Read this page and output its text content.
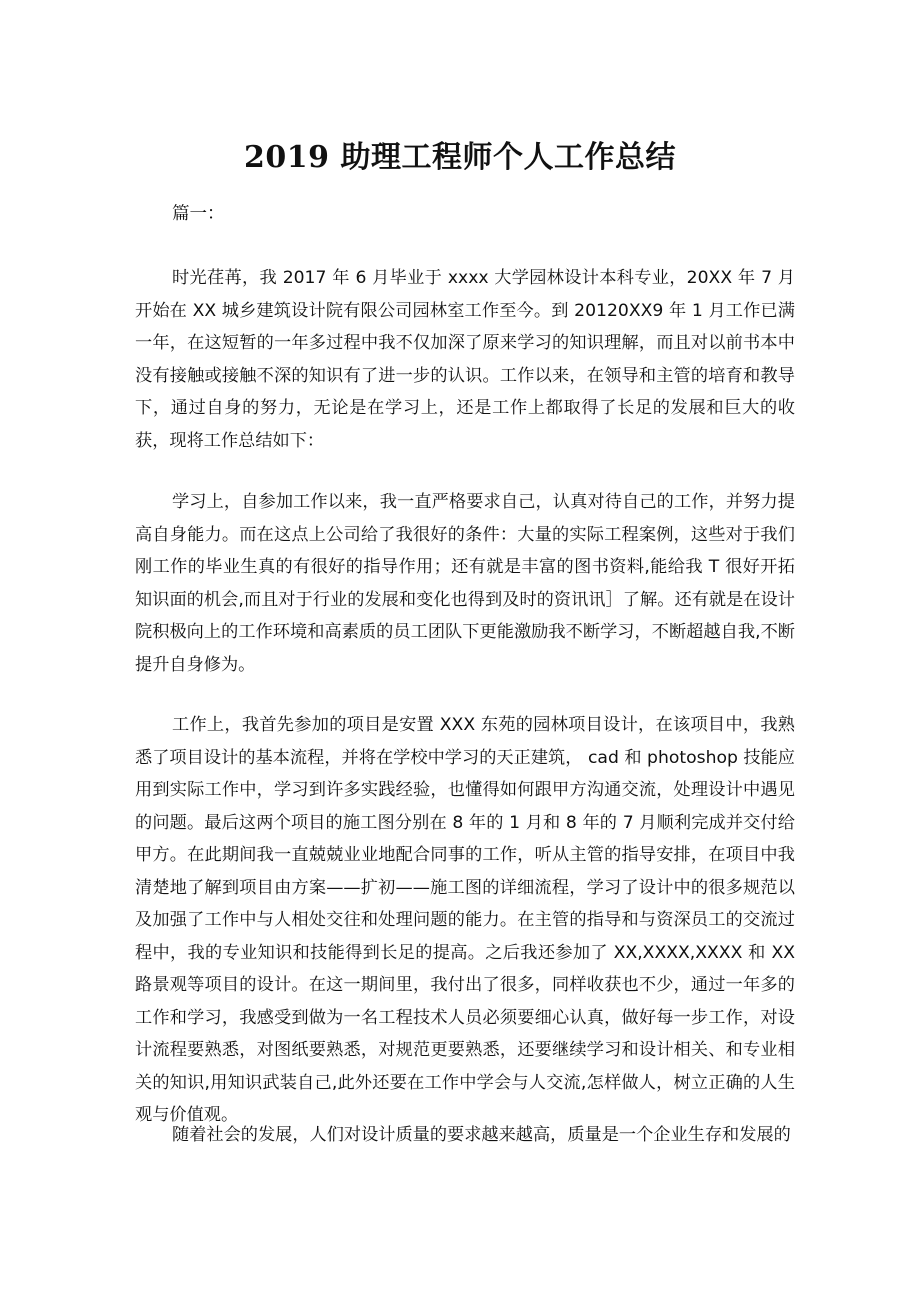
2019 助理工程师个人工作总结

篇一：

时光荏苒，我 2017 年 6 月毕业于 xxxx 大学园林设计本科专业，20XX 年 7 月开始在 XX 城乡建筑设计院有限公司园林室工作至今。到 20120XX9 年 1 月工作已满一年，在这短暂的一年多过程中我不仅加深了原来学习的知识理解，而且对以前书本中没有接触或接触不深的知识有了进一步的认识。工作以来，在领导和主管的培育和教导下，通过自身的努力，无论是在学习上，还是工作上都取得了长足的发展和巨大的收获，现将工作总结如下：

学习上，自参加工作以来，我一直严格要求自己，认真对待自己的工作，并努力提高自身能力。而在这点上公司给了我很好的条件：大量的实际工程案例，这些对于我们刚工作的毕业生真的有很好的指导作用；还有就是丰富的图书资料,能给我 T 很好开拓知识面的机会,而且对于行业的发展和变化也得到及时的资讯讯］了解。还有就是在设计院积极向上的工作环境和高素质的员工团队下更能激励我不断学习，不断超越自我,不断提升自身修为。

工作上，我首先参加的项目是安置 XXX 东苑的园林项目设计，在该项目中，我熟悉了项目设计的基本流程，并将在学校中学习的天正建筑， cad 和 photoshop 技能应用到实际工作中，学习到许多实践经验，也懂得如何跟甲方沟通交流，处理设计中遇见的问题。最后这两个项目的施工图分别在 8 年的 1 月和 8 年的 7 月顺利完成并交付给甲方。在此期间我一直兢兢业业地配合同事的工作，听从主管的指导安排，在项目中我清楚地了解到项目由方案——扩初——施工图的详细流程，学习了设计中的很多规范以及加强了工作中与人相处交往和处理问题的能力。在主管的指导和与资深员工的交流过程中，我的专业知识和技能得到长足的提高。之后我还参加了 XX,XXXX,XXXX 和 XX 路景观等项目的设计。在这一期间里，我付出了很多，同样收获也不少，通过一年多的工作和学习，我感受到做为一名工程技术人员必须要细心认真，做好每一步工作，对设计流程要熟悉，对图纸要熟悉，对规范更要熟悉，还要继续学习和设计相关、和专业相关的知识,用知识武装自己,此外还要在工作中学会与人交流,怎样做人，树立正确的人生观与价值观。

随着社会的发展，人们对设计质量的要求越来越高，质量是一个企业生存和发展的
